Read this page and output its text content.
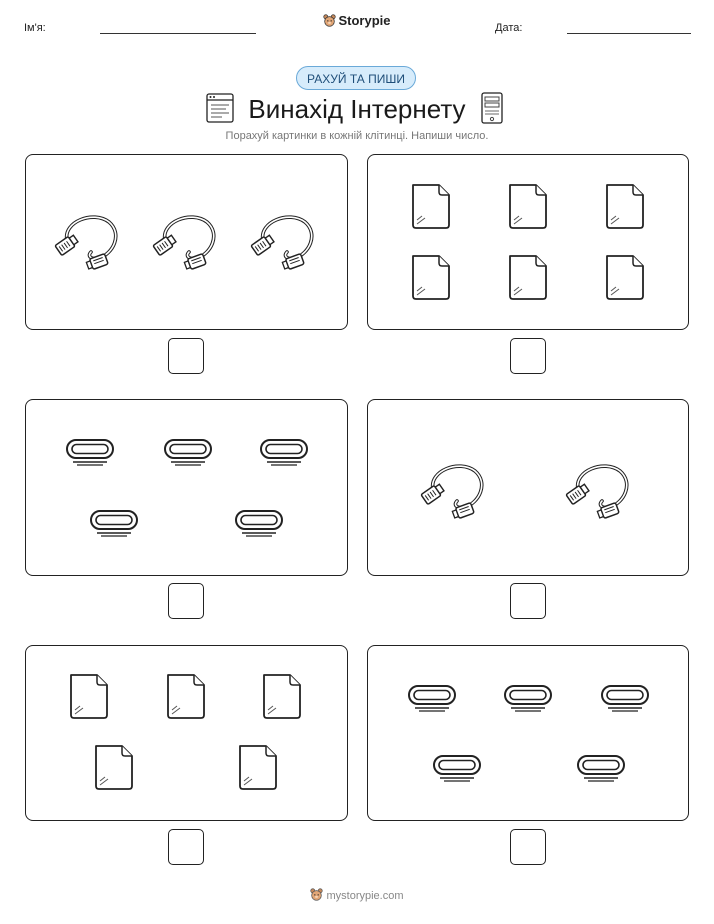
Ім'я:	Storypie	Дата:
РАХУЙ ТА ПИШИ
Винахід Інтернету
Порахуй картинки в кожній клітинці. Напиши число.
mystorypie.com
